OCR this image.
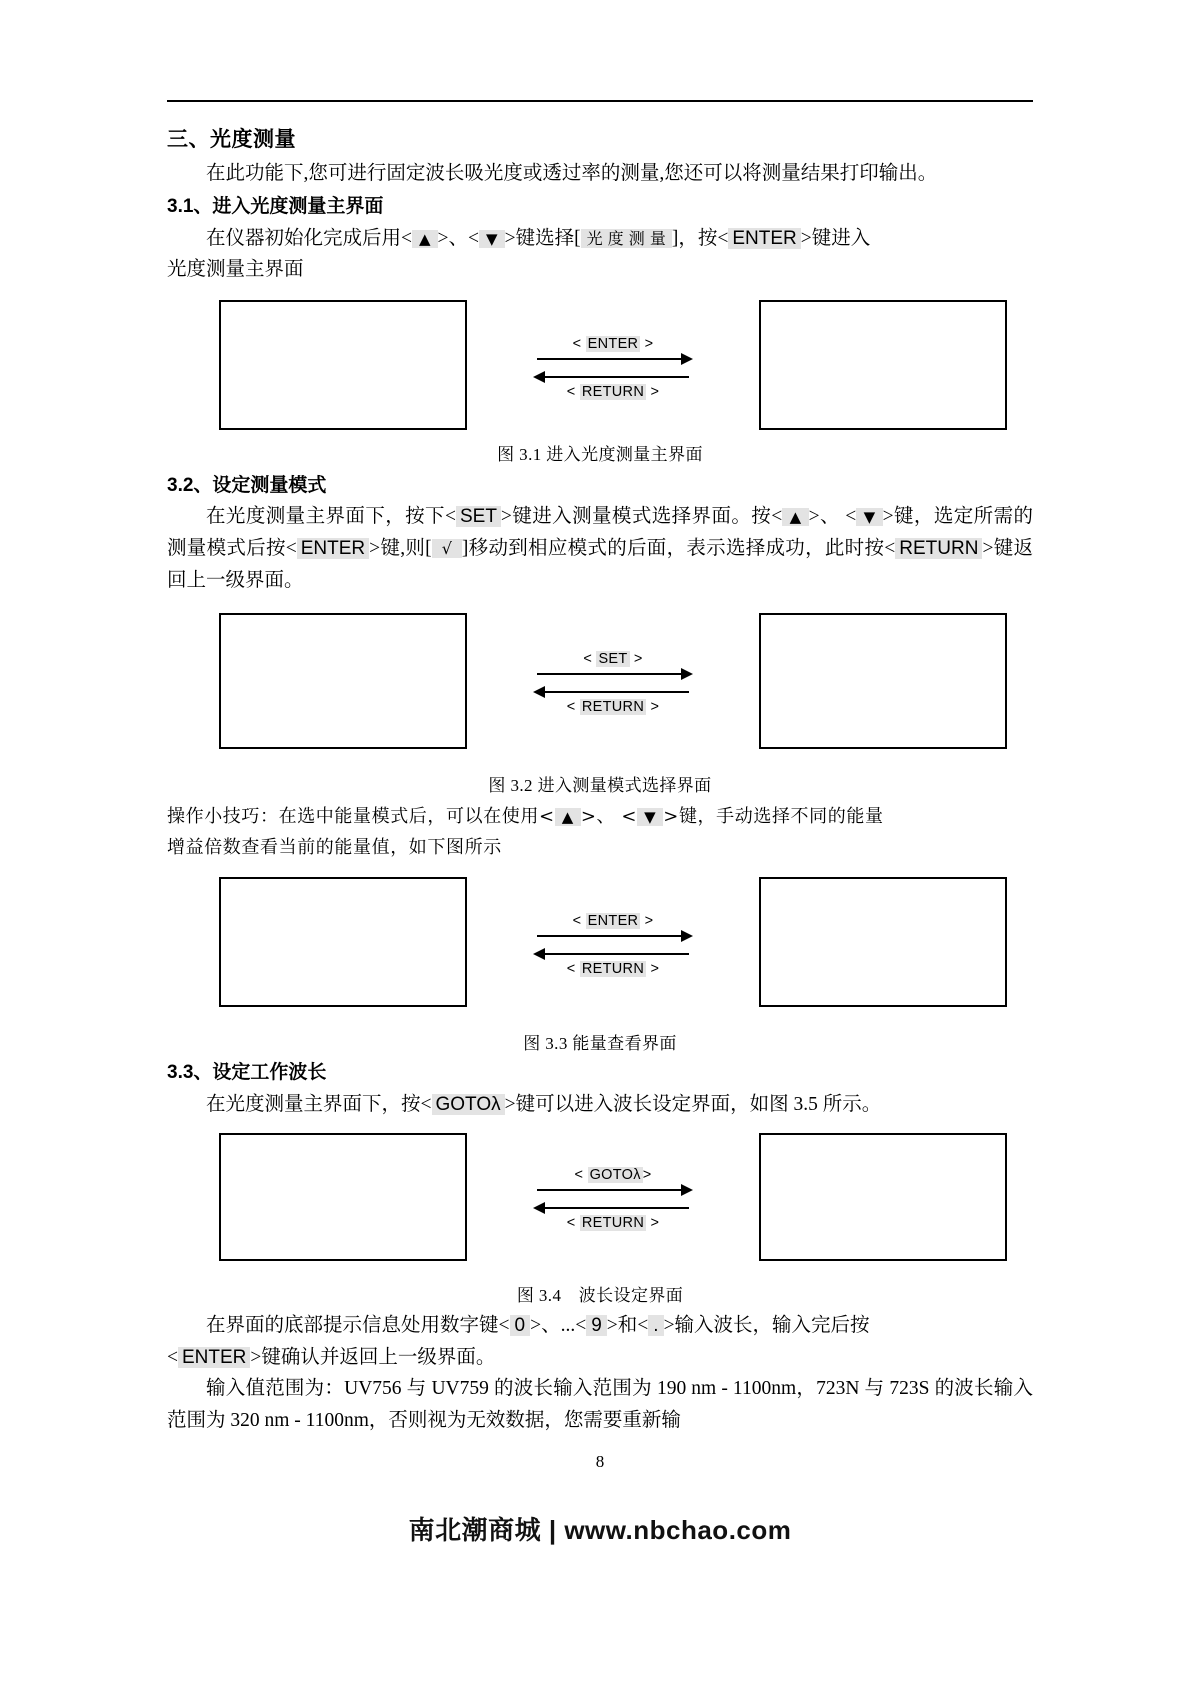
三、光度测量

在此功能下,您可进行固定波长吸光度或透过率的测量,您还可以将测量结果打印输出。

3.1、进入光度测量主界面

在仪器初始化完成后用< ▲ >、< ▼ >键选择[ 光 度 测 量 ]，按< ENTER >键进入
光度测量主界面

< ENTER >
< RETURN >
图 3.1 进入光度测量主界面
3.2、设定测量模式

在光度测量主界面下，按下< SET >键进入测量模式选择界面。按< ▲ >、 < ▼ >键，选定所需的测量模式后按< ENTER >键,则[ √ ]移动到相应模式的后面，表示选择成功，此时按< RETURN >键返回上一级界面。

< SET >
< RETURN >
图 3.2 进入测量模式选择界面

操作小技巧：在选中能量模式后，可以在使用< ▲ >、 < ▼ >键，手动选择不同的能量
增益倍数查看当前的能量值，如下图所示

< ENTER >
< RETURN >
图 3.3 能量查看界面
3.3、设定工作波长

在光度测量主界面下，按< GOTOλ >键可以进入波长设定界面，如图 3.5 所示。

< GOTOλ >
< RETURN >
图 3.4　波长设定界面

在界面的底部提示信息处用数字键< 0 >、...< 9 >和< . >输入波长，输入完后按
< ENTER >键确认并返回上一级界面。

输入值范围为：UV756 与 UV759 的波长输入范围为 190 nm - 1100nm，723N 与 723S 的波长输入范围为 320 nm - 1100nm，否则视为无效数据，您需要重新输

8
南北潮商城 | www.nbchao.com
